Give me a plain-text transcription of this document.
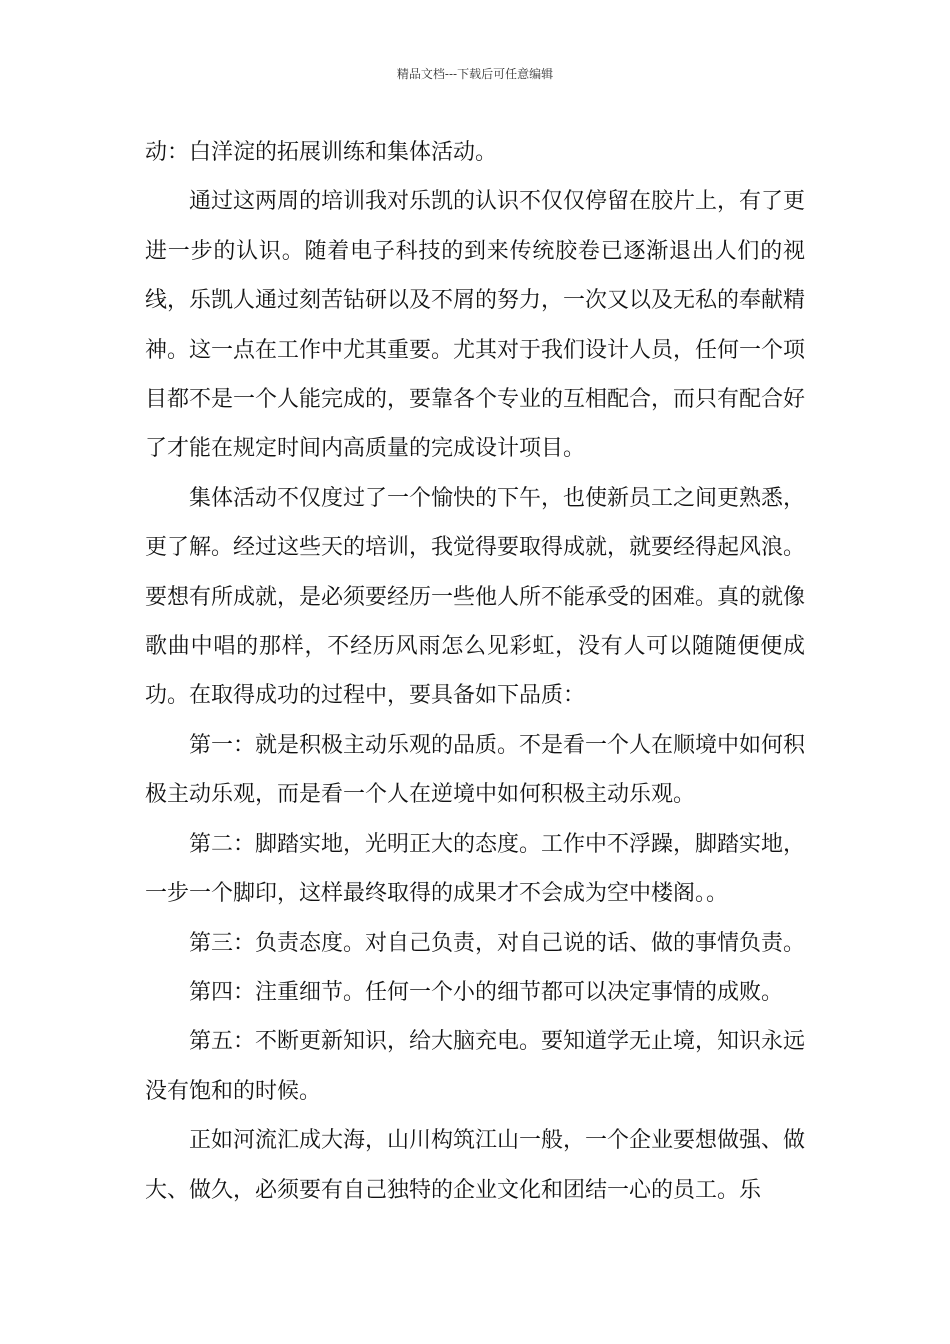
精品文档---下载后可任意编辑

动：白洋淀的拓展训练和集体活动。

通过这两周的培训我对乐凯的认识不仅仅停留在胶片上，有了更进一步的认识。随着电子科技的到来传统胶卷已逐渐退出人们的视线，乐凯人通过刻苦钻研以及不屑的努力，一次又以及无私的奉献精神。这一点在工作中尤其重要。尤其对于我们设计人员，任何一个项目都不是一个人能完成的，要靠各个专业的互相配合，而只有配合好了才能在规定时间内高质量的完成设计项目。

集体活动不仅度过了一个愉快的下午，也使新员工之间更熟悉，更了解。经过这些天的培训，我觉得要取得成就，就要经得起风浪。要想有所成就，是必须要经历一些他人所不能承受的困难。真的就像歌曲中唱的那样，不经历风雨怎么见彩虹，没有人可以随随便便成功。在取得成功的过程中，要具备如下品质：

第一：就是积极主动乐观的品质。不是看一个人在顺境中如何积极主动乐观，而是看一个人在逆境中如何积极主动乐观。

第二：脚踏实地，光明正大的态度。工作中不浮躁，脚踏实地，一步一个脚印，这样最终取得的成果才不会成为空中楼阁。。

第三：负责态度。对自己负责，对自己说的话、做的事情负责。

第四：注重细节。任何一个小的细节都可以决定事情的成败。

第五：不断更新知识，给大脑充电。要知道学无止境，知识永远没有饱和的时候。

正如河流汇成大海，山川构筑江山一般，一个企业要想做强、做大、做久，必须要有自己独特的企业文化和团结一心的员工。乐
